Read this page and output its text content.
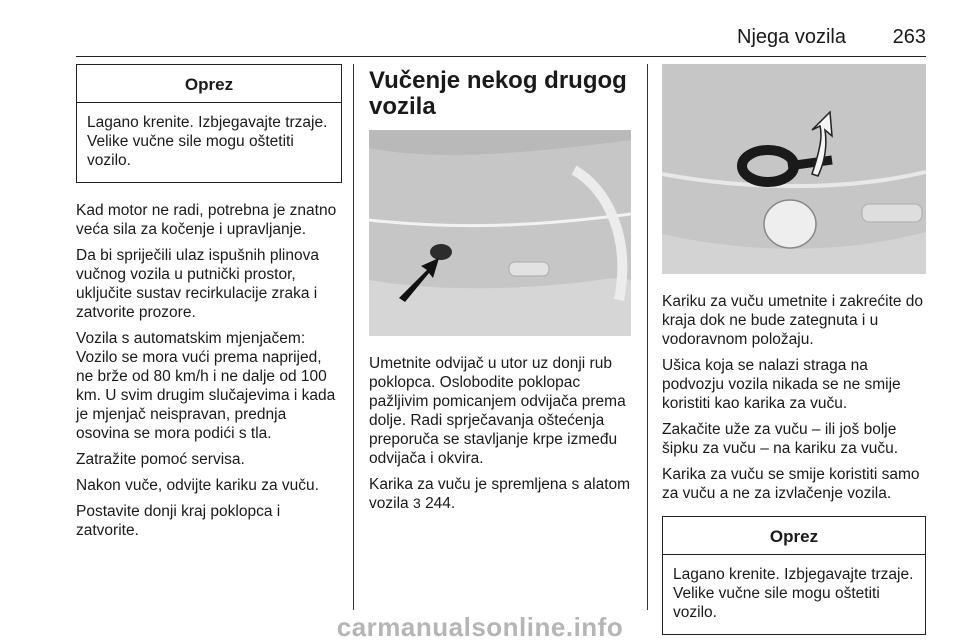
Njega vozila 263
Oprez
Lagano krenite. Izbjegavajte trzaje. Velike vučne sile mogu oštetiti vozilo.

Kad motor ne radi, potrebna je znatno veća sila za kočenje i upravljanje.

Da bi spriječili ulaz ispušnih plinova vučnog vozila u putnički prostor, uključite sustav recirkulacije zraka i zatvorite prozore.

Vozila s automatskim mjenjačem: Vozilo se mora vući prema naprijed, ne brže od 80 km/h i ne dalje od 100 km. U svim drugim slučajevima i kada je mjenjač neispravan, prednja osovina se mora podići s tla.

Zatražite pomoć servisa.

Nakon vuče, odvijte kariku za vuču.

Postavite donji kraj poklopca i zatvorite.

Vučenje nekog drugog vozila

Umetnite odvijač u utor uz donji rub poklopca. Oslobodite poklopac pažljivim pomicanjem odvijača prema dolje. Radi sprječavanja oštećenja preporuča se stavljanje krpe između odvijača i okvira.

Karika za vuču je spremljena s alatom vozila 3 244.

Kariku za vuču umetnite i zakrećite do kraja dok ne bude zategnuta i u vodoravnom položaju.

Ušica koja se nalazi straga na podvozju vozila nikada se ne smije koristiti kao karika za vuču.

Zakačite uže za vuču – ili još bolje šipku za vuču – na kariku za vuču.

Karika za vuču se smije koristiti samo za vuču a ne za izvlačenje vozila.

Oprez
Lagano krenite. Izbjegavajte trzaje. Velike vučne sile mogu oštetiti vozilo.
carmanualsonline.info
